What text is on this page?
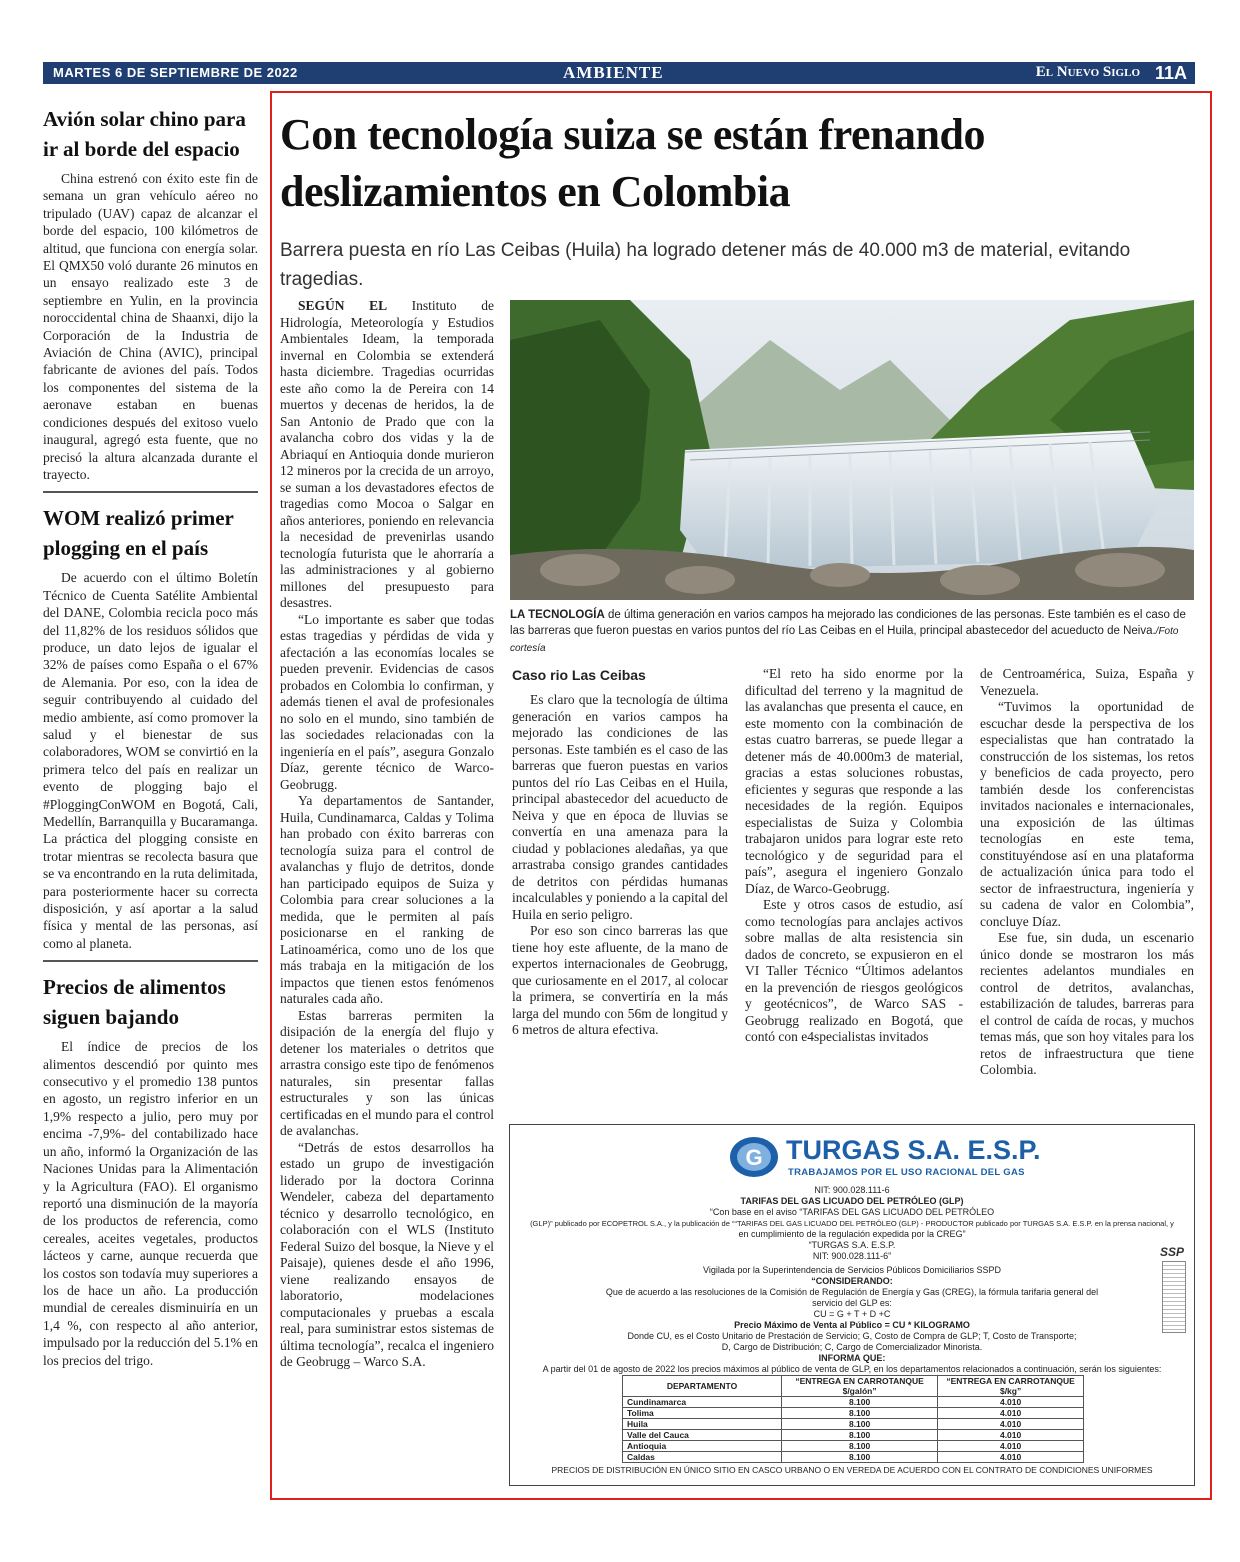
MARTES 6 DE SEPTIEMBRE DE 2022	AMBIENTE	El Nuevo Siglo 11A
Avión solar chino para ir al borde del espacio

China estrenó con éxito este fin de semana un gran vehículo aéreo no tripulado (UAV) capaz de alcanzar el borde del espacio, 100 kilómetros de altitud, que funciona con energía solar. El QMX50 voló durante 26 minutos en un ensayo realizado este 3 de septiembre en Yulin, en la provincia noroccidental china de Shaanxi, dijo la Corporación de la Industria de Aviación de China (AVIC), principal fabricante de aviones del país. Todos los componentes del sistema de la aeronave estaban en buenas condiciones después del exitoso vuelo inaugural, agregó esta fuente, que no precisó la altura alcanzada durante el trayecto.

WOM realizó primer plogging en el país

De acuerdo con el último Boletín Técnico de Cuenta Satélite Ambiental del DANE, Colombia recicla poco más del 11,82% de los residuos sólidos que produce, un dato lejos de igualar el 32% de países como España o el 67% de Alemania. Por eso, con la idea de seguir contribuyendo al cuidado del medio ambiente, así como promover la salud y el bienestar de sus colaboradores, WOM se convirtió en la primera telco del país en realizar un evento de plogging bajo el #PloggingConWOM en Bogotá, Cali, Medellín, Barranquilla y Bucaramanga. La práctica del plogging consiste en trotar mientras se recolecta basura que se va encontrando en la ruta delimitada, para posteriormente hacer su correcta disposición, y así aportar a la salud física y mental de las personas, así como al planeta.

Precios de alimentos siguen bajando

El índice de precios de los alimentos descendió por quinto mes consecutivo y el promedio 138 puntos en agosto, un registro inferior en un 1,9% respecto a julio, pero muy por encima -7,9%- del contabilizado hace un año, informó la Organización de las Naciones Unidas para la Alimentación y la Agricultura (FAO). El organismo reportó una disminución de la mayoría de los productos de referencia, como cereales, aceites vegetales, productos lácteos y carne, aunque recuerda que los costos son todavía muy superiores a los de hace un año. La producción mundial de cereales disminuiría en un 1,4 %, con respecto al año anterior, impulsado por la reducción del 5.1% en los precios del trigo.

Con tecnología suiza se están frenando deslizamientos en Colombia

Barrera puesta en río Las Ceibas (Huila) ha logrado detener más de 40.000 m3 de material, evitando tragedias.

SEGÚN EL Instituto de Hidrología, Meteorología y Estudios Ambientales Ideam, la temporada invernal en Colombia se extenderá hasta diciembre. Tragedias ocurridas este año como la de Pereira con 14 muertos y decenas de heridos, la de San Antonio de Prado que con la avalancha cobro dos vidas y la de Abriaquí en Antioquia donde murieron 12 mineros por la crecida de un arroyo, se suman a los devastadores efectos de tragedias como Mocoa o Salgar en años anteriores, poniendo en relevancia la necesidad de prevenirlas usando tecnología futurista que le ahorraría a las administraciones y al gobierno millones del presupuesto para desastres.

“Lo importante es saber que todas estas tragedias y pérdidas de vida y afectación a las economías locales se pueden prevenir. Evidencias de casos probados en Colombia lo confirman, y además tienen el aval de profesionales no solo en el mundo, sino también de las sociedades relacionadas con la ingeniería en el país”, asegura Gonzalo Díaz, gerente técnico de Warco-Geobrugg.

Ya departamentos de Santander, Huila, Cundinamarca, Caldas y Tolima han probado con éxito barreras con tecnología suiza para el control de avalanchas y flujo de detritos, donde han participado equipos de Suiza y Colombia para crear soluciones a la medida, que le permiten al país posicionarse en el ranking de Latinoamérica, como uno de los que más trabaja en la mitigación de los impactos que tienen estos fenómenos naturales cada año.

Estas barreras permiten la disipación de la energía del flujo y detener los materiales o detritos que arrastra consigo este tipo de fenómenos naturales, sin presentar fallas estructurales y son las únicas certificadas en el mundo para el control de avalanchas.

“Detrás de estos desarrollos ha estado un grupo de investigación liderado por la doctora Corinna Wendeler, cabeza del departamento técnico y desarrollo tecnológico, en colaboración con el WLS (Instituto Federal Suizo del bosque, la Nieve y el Paisaje), quienes desde el año 1996, viene realizando ensayos de laboratorio, modelaciones computacionales y pruebas a escala real, para suministrar estos sistemas de última tecnología”, recalca el ingeniero de Geobrugg – Warco S.A.

LA TECNOLOGÍA de última generación en varios campos ha mejorado las condiciones de las personas. Este también es el caso de las barreras que fueron puestas en varios puntos del río Las Ceibas en el Huila, principal abastecedor del acueducto de Neiva./Foto cortesía

Caso rio Las Ceibas

Es claro que la tecnología de última generación en varios campos ha mejorado las condiciones de las personas. Este también es el caso de las barreras que fueron puestas en varios puntos del río Las Ceibas en el Huila, principal abastecedor del acueducto de Neiva y que en época de lluvias se convertía en una amenaza para la ciudad y poblaciones aledañas, ya que arrastraba consigo grandes cantidades de detritos con pérdidas humanas incalculables y poniendo a la capital del Huila en serio peligro.

Por eso son cinco barreras las que tiene hoy este afluente, de la mano de expertos internacionales de Geobrugg, que curiosamente en el 2017, al colocar la primera, se convertiría en la más larga del mundo con 56m de longitud y 6 metros de altura efectiva.

“El reto ha sido enorme por la dificultad del terreno y la magnitud de las avalanchas que presenta el cauce, en este momento con la combinación de estas cuatro barreras, se puede llegar a detener más de 40.000m3 de material, gracias a estas soluciones robustas, eficientes y seguras que responde a las necesidades de la región. Equipos especialistas de Suiza y Colombia trabajaron unidos para lograr este reto tecnológico y de seguridad para el país”, asegura el ingeniero Gonzalo Díaz, de Warco-Geobrugg.

Este y otros casos de estudio, así como tecnologías para anclajes activos sobre mallas de alta resistencia sin dados de concreto, se expusieron en el VI Taller Técnico “Últimos adelantos en la prevención de riesgos geológicos y geotécnicos”, de Warco SAS - Geobrugg realizado en Bogotá, que contó con e4specialistas invitados

de Centroamérica, Suiza, España y Venezuela.

“Tuvimos la oportunidad de escuchar desde la perspectiva de los especialistas que han contratado la construcción de los sistemas, los retos y beneficios de cada proyecto, pero también desde los conferencistas invitados nacionales e internacionales, una exposición de las últimas tecnologías en este tema, constituyéndose así en una plataforma de actualización única para todo el sector de infraestructura, ingeniería y su cadena de valor en Colombia”, concluye Díaz.

Ese fue, sin duda, un escenario único donde se mostraron los más recientes adelantos mundiales en control de detritos, avalanchas, estabilización de taludes, barreras para el control de caída de rocas, y muchos temas más, que son hoy vitales para los retos de infraestructura que tiene Colombia.

G TURGAS S.A. E.S.P.
TRABAJAMOS POR EL USO RACIONAL DEL GAS

NIT: 900.028.111-6

TARIFAS DEL GAS LICUADO DEL PETRÓLEO (GLP)

“Con base en el aviso “TARIFAS DEL GAS LICUADO DEL PETRÓLEO

(GLP)” publicado por ECOPETROL S.A., y la publicación de ““TARIFAS DEL GAS LICUADO DEL PETRÓLEO (GLP) - PRODUCTOR publicado por TURGAS S.A. E.S.P. en la prensa nacional, y

en cumplimiento de la regulación expedida por la CREG”

“TURGAS S.A. E.S.P.

NIT: 900.028.111-6”

Vigilada por la Superintendencia de Servicios Públicos Domiciliarios SSPD

“CONSIDERANDO:

Que de acuerdo a las resoluciones de la Comisión de Regulación de Energía y Gas (CREG), la fórmula tarifaria general del

servicio del GLP es:

CU = G + T + D +C

Precio Máximo de Venta al Público = CU * KILOGRAMO

Donde CU, es el Costo Unitario de Prestación de Servicio; G, Costo de Compra de GLP; T, Costo de Transporte;

D, Cargo de Distribución; C, Cargo de Comercializador Minorista.

INFORMA QUE:

A partir del 01 de agosto de 2022 los precios máximos al público de venta de GLP, en los departamentos relacionados a continuación, serán los siguientes:

SSP
DEPARTAMENTO	“ENTREGA EN CARROTANQUE $/galón”	“ENTREGA EN CARROTANQUE $/kg”
Cundinamarca	8.100	4.010
Tolima	8.100	4.010
Huila	8.100	4.010
Valle del Cauca	8.100	4.010
Antioquia	8.100	4.010
Caldas	8.100	4.010

PRECIOS DE DISTRIBUCIÓN EN ÚNICO SITIO EN CASCO URBANO O EN VEREDA DE ACUERDO CON EL CONTRATO DE CONDICIONES UNIFORMES
